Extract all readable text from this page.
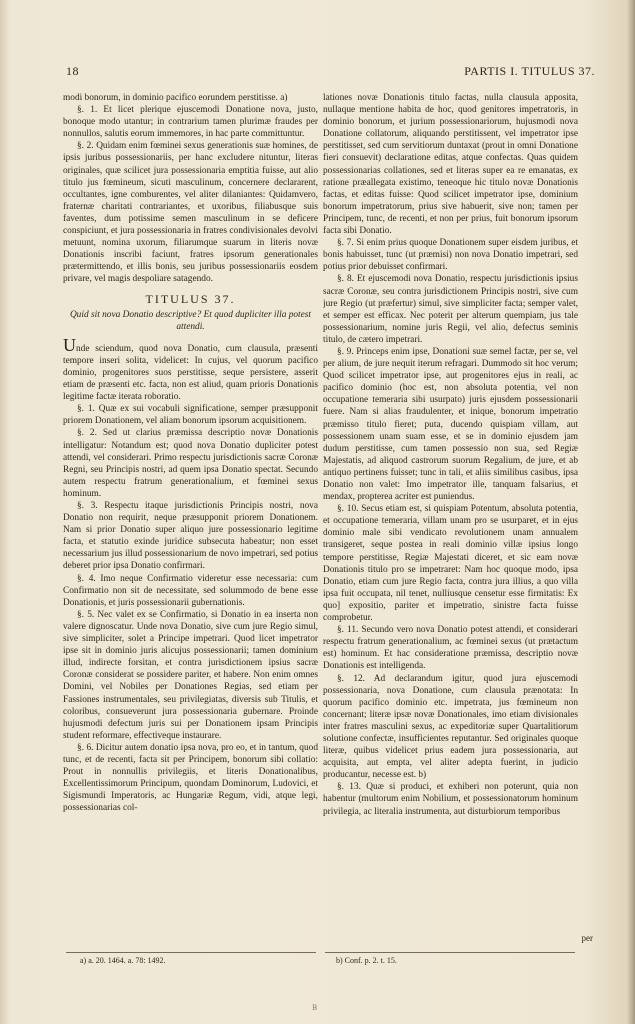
18	PARTIS I. TITULUS 37.

modi bonorum, in dominio pacifico eorundem perstitisse. a)

§. 1. Et licet plerique ejuscemodi Donatione nova, justo, bonoque modo utantur; in contrarium tamen plurimæ fraudes per nonnullos, salutis eorum immemores, in hac parte committuntur.

§. 2. Quidam enim fœminei sexus generationis suæ homines, de ipsis juribus possessionariis, per hanc excludere nituntur, literas originales, quæ scilicet jura possessionaria emptitia fuisse, aut alio titulo jus fœmineum, sicuti masculinum, concernere declararent, occultantes, igne comburentes, vel aliter dilaniantes: Quidamvero, fraternæ charitati contrariantes, et uxoribus, filiabusque suis faventes, dum potissime semen masculinum in se deficere conspiciunt, et jura possessionaria in fratres condivisionales devolvi metuunt, nomina uxorum, filiarumque suarum in literis novæ Donationis inscribi faciunt, fratres ipsorum generationales prætermittendo, et illis bonis, seu juribus possessionariis eosdem privare, vel magis despoliare satagendo.

TITULUS 37.
Quid sit nova Donatio descriptive? Et quod dupliciter illa potest attendi.

Unde sciendum, quod nova Donatio, cum clausula, præsenti tempore inseri solita, videlicet: In cujus, vel quorum pacifico dominio, progenitores suos perstitisse, seque persistere, asserit etiam de præsenti etc. facta, non est aliud, quam prioris Donationis legitime factæ iterata roboratio.

§. 1. Quæ ex sui vocabuli significatione, semper præsupponit priorem Donationem, vel aliam bonorum ipsorum acquisitionem.

§. 2. Sed ut clarius præmissa descriptio novæ Donationis intelligatur: Notandum est; quod nova Donatio dupliciter potest attendi, vel considerari. Primo respectu jurisdictionis sacræ Coronæ Regni, seu Principis nostri, ad quem ipsa Donatio spectat. Secundo autem respectu fratrum generationalium, et fœminei sexus hominum.

§. 3. Respectu itaque jurisdictionis Principis nostri, nova Donatio non requirit, neque præsupponit priorem Donationem. Nam si prior Donatio super aliquo jure possessionario legitime facta, et statutio exinde juridice subsecuta habeatur; non esset necessarium jus illud possessionarium de novo impetrari, sed potius deberet prior ipsa Donatio confirmari.

§. 4. Imo neque Confirmatio videretur esse necessaria: cum Confirmatio non sit de necessitate, sed solummodo de bene esse Donationis, et juris possessionarii gubernationis.

§. 5. Nec valet ex se Confirmatio, si Donatio in ea inserta non valere dignoscatur. Unde nova Donatio, sive cum jure Regio simul, sive simpliciter, solet a Principe impetrari. Quod licet impetrator ipse sit in dominio juris alicujus possessionarii; tamen dominium illud, indirecte forsitan, et contra jurisdictionem ipsius sacræ Coronæ considerat se possidere pariter, et habere. Non enim omnes Domini, vel Nobiles per Donationes Regias, sed etiam per Fassiones instrumentales, seu privilegiatas, diversis sub Titulis, et coloribus, consueverunt jura possessionaria gubernare. Proinde hujusmodi defectum juris sui per Donationem ipsam Principis student reformare, effectiveque instaurare.

§. 6. Dicitur autem donatio ipsa nova, pro eo, et in tantum, quod tunc, et de recenti, facta sit per Principem, bonorum sibi collatio: Prout in nonnullis privilegiis, et literis Donationalibus, Excellentissimorum Principum, quondam Dominorum, Ludovici, et Sigismundi Imperatoris, ac Hungariæ Regum, vidi, atque legi, possessionarias col-

lationes novæ Donationis titulo factas, nulla clausula apposita, nullaque mentione habita de hoc, quod genitores impetratoris, in dominio bonorum, et jurium possessionariorum, hujusmodi nova Donatione collatorum, aliquando perstitissent, vel impetrator ipse perstitisset, sed cum servitiorum duntaxat (prout in omni Donatione fieri consuevit) declaratione editas, atque confectas. Quas quidem possessionarias collationes, sed et literas super ea re emanatas, ex ratione præallegata existimo, teneoque hic titulo novæ Donationis factas, et editas fuisse: Quod scilicet impetrator ipse, dominium bonorum impetratorum, prius sive habuerit, sive non; tamen per Principem, tunc, de recenti, et non per prius, fuit bonorum ipsorum facta sibi Donatio.

§. 7. Si enim prius quoque Donationem super eisdem juribus, et bonis habuisset, tunc (ut præmisi) non nova Donatio impetrari, sed potius prior debuisset confirmari.

§. 8. Et ejuscemodi nova Donatio, respectu jurisdictionis ipsius sacræ Coronæ, seu contra jurisdictionem Principis nostri, sive cum jure Regio (ut præfertur) simul, sive simpliciter facta; semper valet, et semper est efficax. Nec poterit per alterum quempiam, jus tale possessionarium, nomine juris Regii, vel alio, defectus seminis titulo, de cætero impetrari.

§. 9. Princeps enim ipse, Donationi suæ semel factæ, per se, vel per alium, de jure nequit iterum refragari. Dummodo sit hoc verum; Quod scilicet impetrator ipse, aut progenitores ejus in reali, ac pacifico dominio (hoc est, non absoluta potentia, vel non occupatione temeraria sibi usurpato) juris ejusdem possessionarii fuere. Nam si alias fraudulenter, et inique, bonorum impetratio præmisso titulo fieret; puta, ducendo quispiam villam, aut possessionem unam suam esse, et se in dominio ejusdem jam dudum perstitisse, cum tamen possessio non sua, sed Regiæ Majestatis, ad aliquod castrorum suorum Regalium, de jure, et ab antiquo pertinens fuisset; tunc in tali, et aliis similibus casibus, ipsa Donatio non valet: Imo impetrator ille, tanquam falsarius, et mendax, propterea acriter est puniendus.

§. 10. Secus etiam est, si quispiam Potentum, absoluta potentia, et occupatione temeraria, villam unam pro se usurparet, et in ejus dominio male sibi vendicato revolutionem unam annualem transigeret, seque postea in reali dominio villæ ipsius longo tempore perstitisse, Regiæ Majestati diceret, et sic eam novæ Donationis titulo pro se impetraret: Nam hoc quoque modo, ipsa Donatio, etiam cum jure Regio facta, contra jura illius, a quo villa ipsa fuit occupata, nil tenet, nulliusque censetur esse firmitatis: Ex quo] expositio, pariter et impetratio, sinistre facta fuisse comprobetur.

§. 11. Secundo vero nova Donatio potest attendi, et considerari respectu fratrum generationalium, ac fœminei sexus (ut prætactum est) hominum. Et hac consideratione præmissa, descriptio novæ Donationis est intelligenda.

§. 12. Ad declarandum igitur, quod jura ejuscemodi possessionaria, nova Donatione, cum clausula prænotata: In quorum pacifico dominio etc. impetrata, jus fœmineum non concernant; literæ ipsæ novæ Donationales, imo etiam divisionales inter fratres masculini sexus, ac expeditoriæ super Quartalitiorum solutione confectæ, insufficientes reputantur. Sed originales quoque literæ, quibus videlicet prius eadem jura possessionaria, aut acquisita, aut empta, vel aliter adepta fuerint, in judicio producantur, necesse est. b)

§. 13. Quæ si produci, et exhiberi non poterunt, quia non habentur (multorum enim Nobilium, et possessionatorum hominum privilegia, ac literalia instrumenta, aut disturbiorum temporibus

per
a) a. 20. 1464. a. 78: 1492.	b) Conf. p. 2. t. 15.
B
